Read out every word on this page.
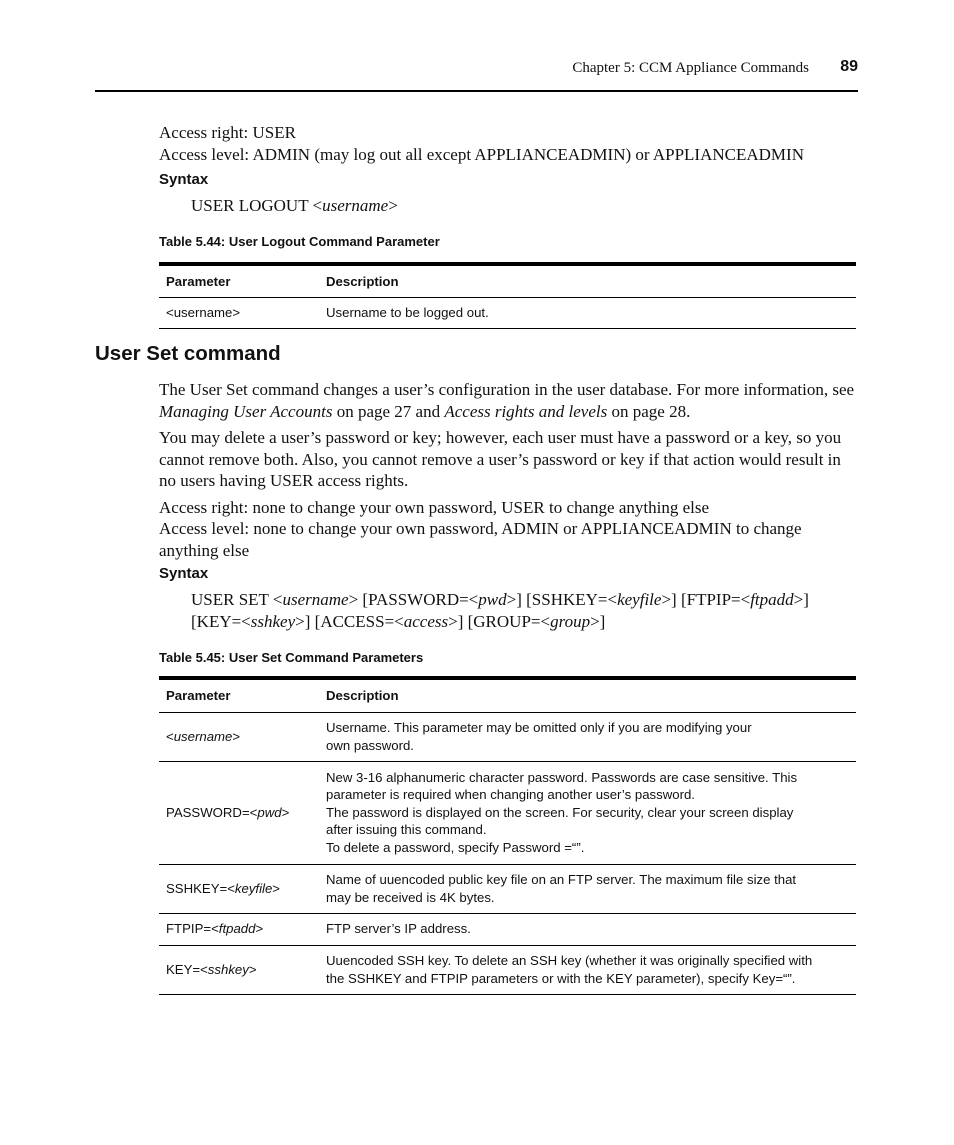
Chapter 5: CCM Appliance Commands 89

Access right: USER

Access level: ADMIN (may log out all except APPLIANCEADMIN) or APPLIANCEADMIN

Syntax
USER LOGOUT <username>
Table 5.44: User Logout Command Parameter
Parameter	Description
<username>	Username to be logged out.
User Set command

The User Set command changes a user’s configuration in the user database. For more information, see Managing User Accounts on page 27 and Access rights and levels on page 28.

You may delete a user’s password or key; however, each user must have a password or a key, so you cannot remove both. Also, you cannot remove a user’s password or key if that action would result in no users having USER access rights.

Access right: none to change your own password, USER to change anything else

Access level: none to change your own password, ADMIN or APPLIANCEADMIN to change anything else

Syntax
USER SET <username> [PASSWORD=<pwd>] [SSHKEY=<keyfile>] [FTPIP=<ftpadd>]
[KEY=<sshkey>] [ACCESS=<access>] [GROUP=<group>]
Table 5.45: User Set Command Parameters
Parameter	Description
<username>	Username. This parameter may be omitted only if you are modifying your
own password.

PASSWORD=<pwd>	New 3-16 alphanumeric character password. Passwords are case sensitive. This
parameter is required when changing another user’s password.
The password is displayed on the screen. For security, clear your screen display
after issuing this command.
To delete a password, specify Password =“”.

SSHKEY=<keyfile>	Name of uuencoded public key file on an FTP server. The maximum file size that
may be received is 4K bytes.

FTPIP=<ftpadd>	FTP server’s IP address.

KEY=<sshkey>	Uuencoded SSH key. To delete an SSH key (whether it was originally specified with
the SSHKEY and FTPIP parameters or with the KEY parameter), specify Key=“”.
